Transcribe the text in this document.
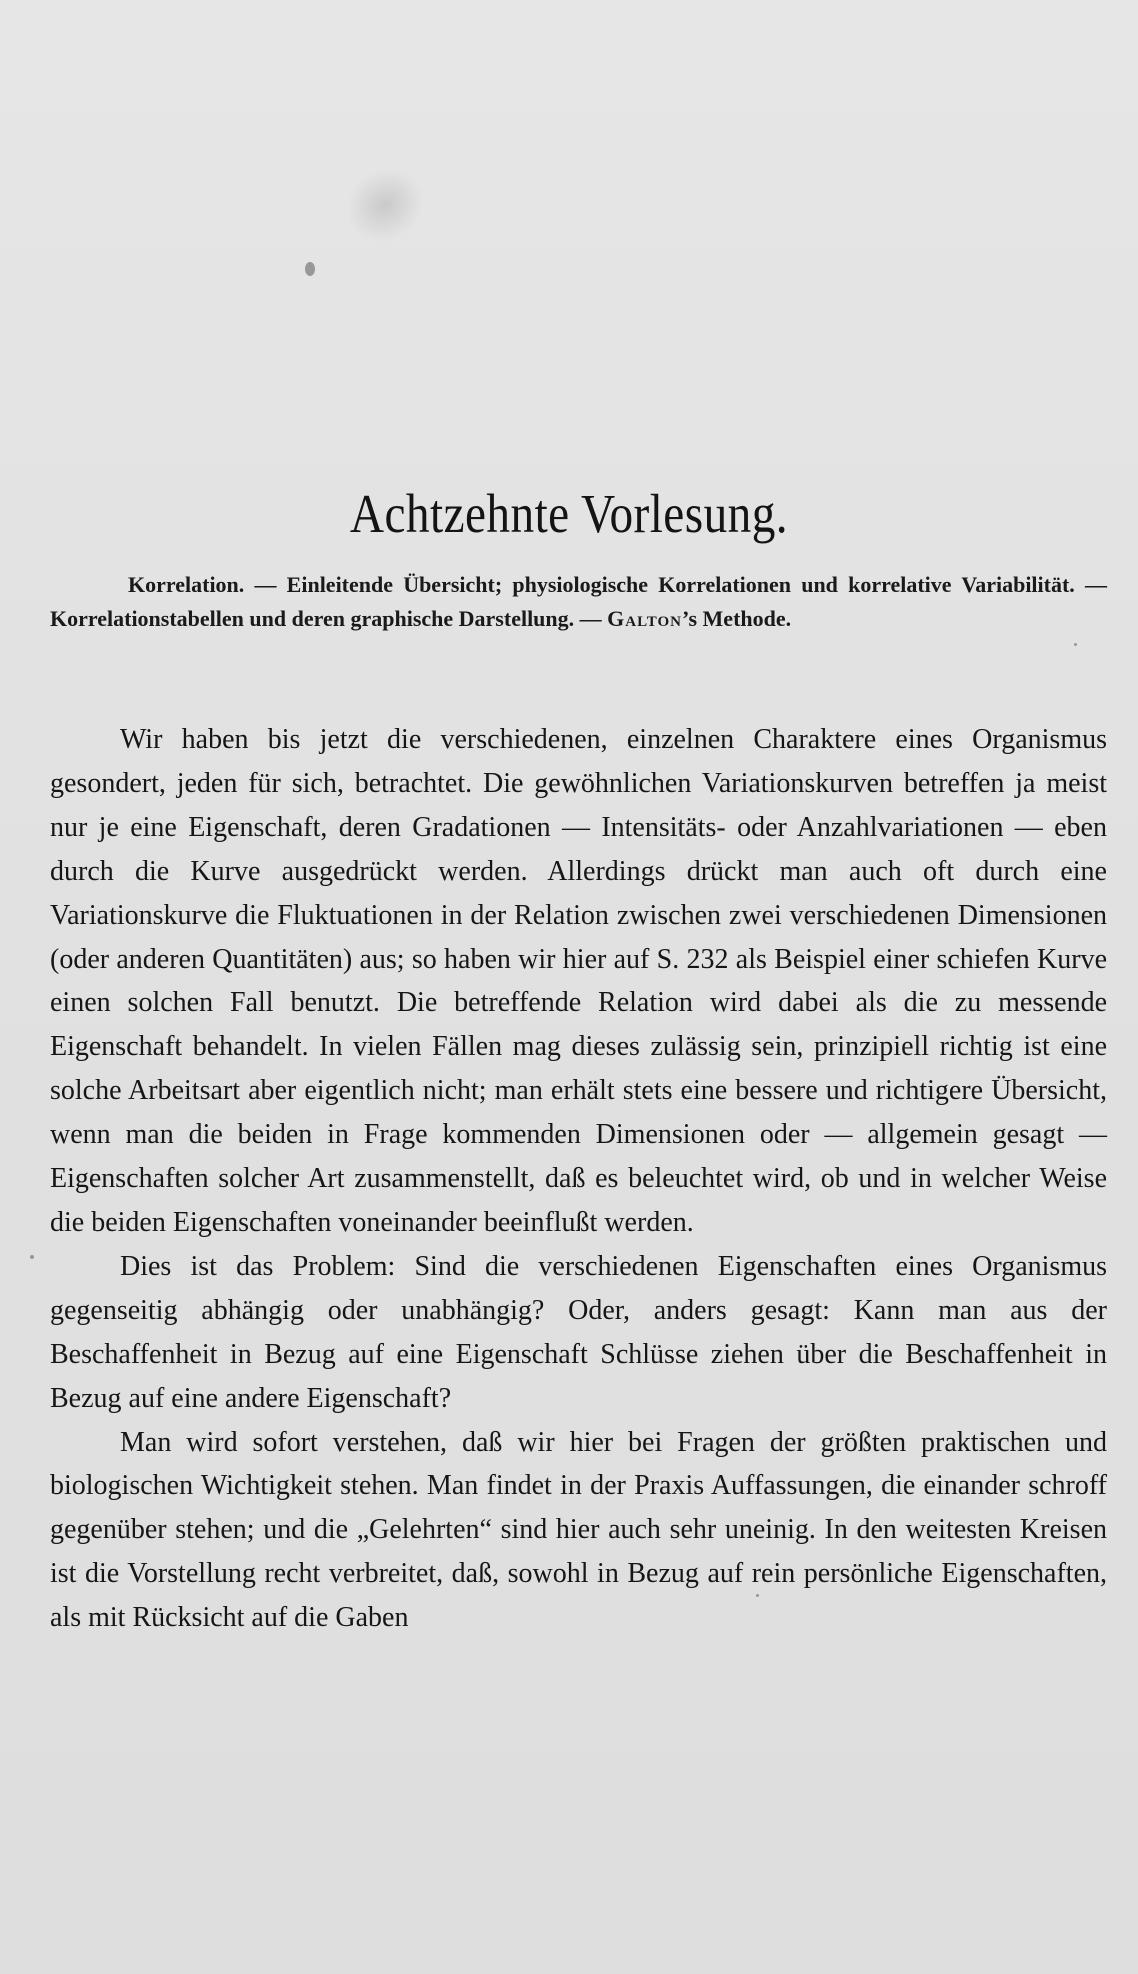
Achtzehnte Vorlesung.

Korrelation. — Einleitende Übersicht; physiologische Korrelationen und korrelative Variabilität. — Korrelationstabellen und deren graphische Darstellung. — Galton’s Methode.

Wir haben bis jetzt die verschiedenen, einzelnen Charaktere eines Organismus gesondert, jeden für sich, betrachtet. Die gewöhnlichen Variationskurven betreffen ja meist nur je eine Eigenschaft, deren Gradationen — Intensitäts- oder Anzahlvariationen — eben durch die Kurve ausgedrückt werden. Allerdings drückt man auch oft durch eine Variationskurve die Fluktuationen in der Relation zwischen zwei verschiedenen Dimensionen (oder anderen Quantitäten) aus; so haben wir hier auf S. 232 als Beispiel einer schiefen Kurve einen solchen Fall benutzt. Die betreffende Relation wird dabei als die zu messende Eigenschaft behandelt. In vielen Fällen mag dieses zulässig sein, prinzipiell richtig ist eine solche Arbeitsart aber eigentlich nicht; man erhält stets eine bessere und richtigere Übersicht, wenn man die beiden in Frage kommenden Dimensionen oder — allgemein gesagt — Eigenschaften solcher Art zusammenstellt, daß es beleuchtet wird, ob und in welcher Weise die beiden Eigenschaften voneinander beeinflußt werden.

Dies ist das Problem: Sind die verschiedenen Eigenschaften eines Organismus gegenseitig abhängig oder unabhängig? Oder, anders gesagt: Kann man aus der Beschaffenheit in Bezug auf eine Eigenschaft Schlüsse ziehen über die Beschaffenheit in Bezug auf eine andere Eigenschaft?

Man wird sofort verstehen, daß wir hier bei Fragen der größten praktischen und biologischen Wichtigkeit stehen. Man findet in der Praxis Auffassungen, die einander schroff gegenüber stehen; und die „Gelehrten“ sind hier auch sehr uneinig. In den weitesten Kreisen ist die Vorstellung recht verbreitet, daß, sowohl in Bezug auf rein persönliche Eigenschaften, als mit Rücksicht auf die Gaben
